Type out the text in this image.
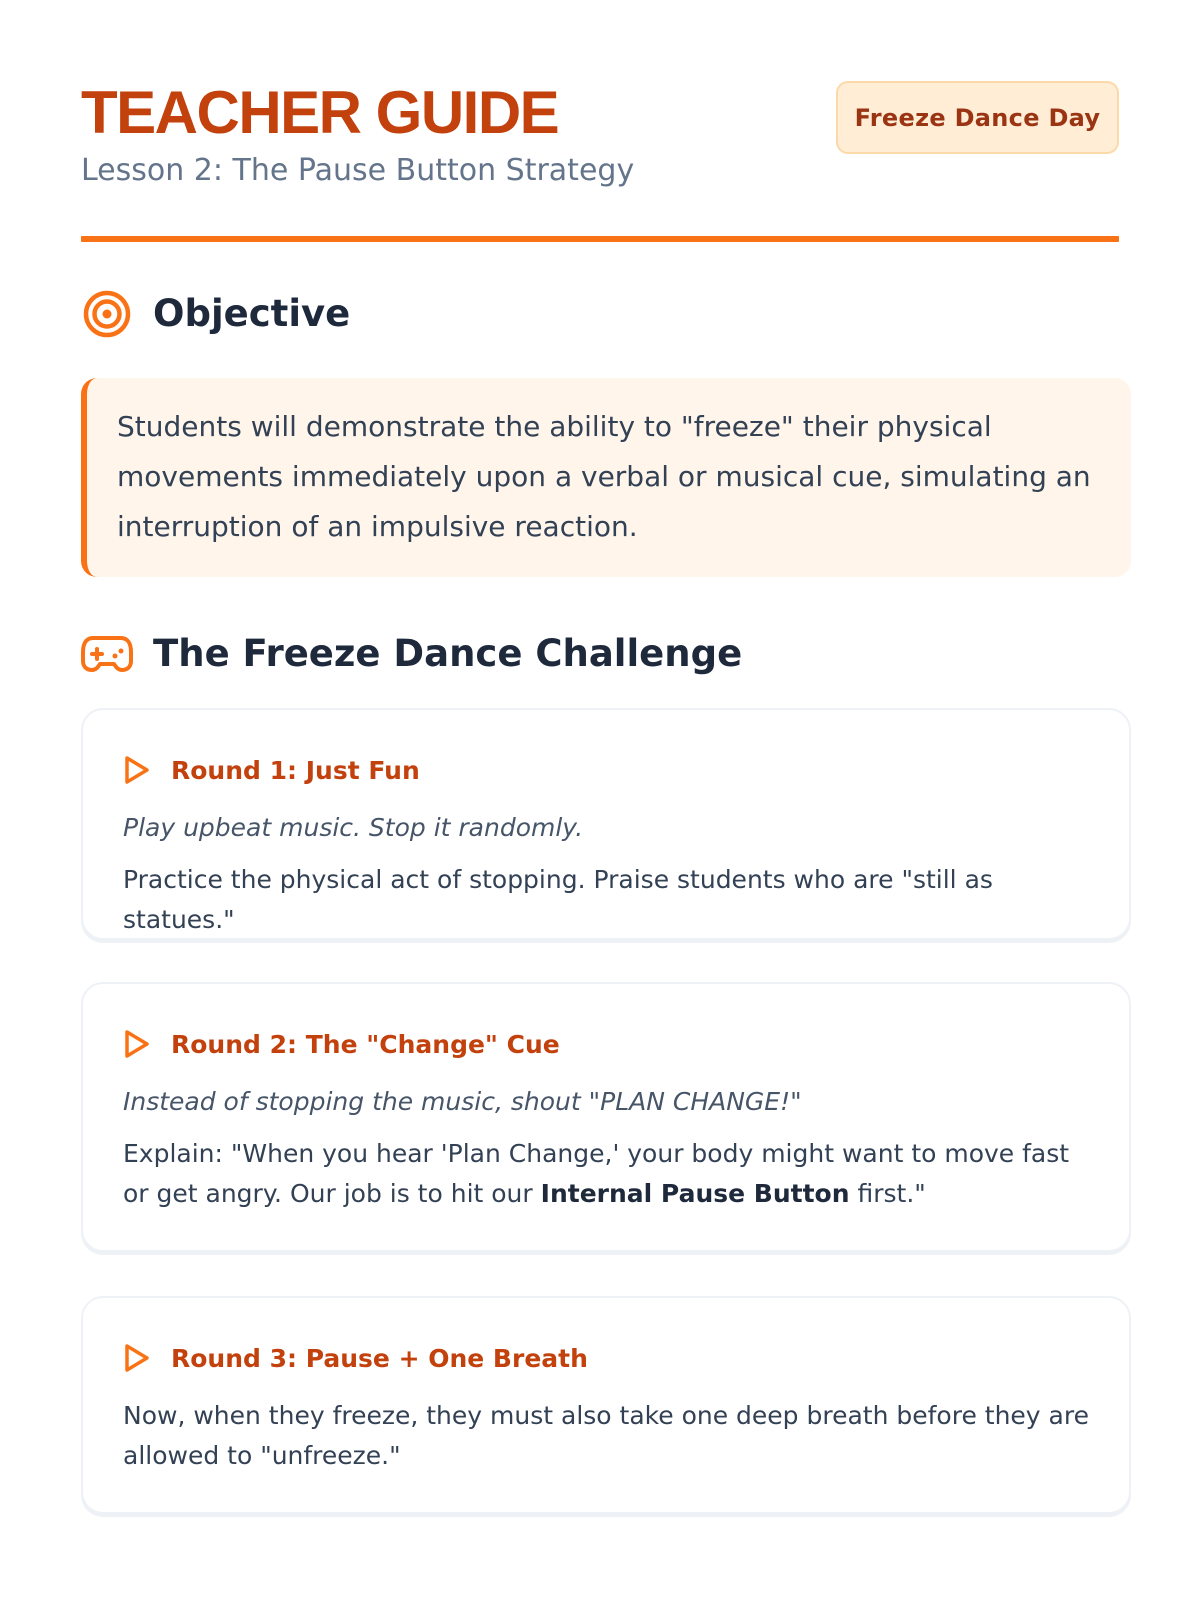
TEACHER GUIDE
Lesson 2: The Pause Button Strategy
Freeze Dance Day
Objective
Students will demonstrate the ability to "freeze" their physical movements immediately upon a verbal or musical cue, simulating an interruption of an impulsive reaction.
The Freeze Dance Challenge
Round 1: Just Fun
Play upbeat music. Stop it randomly.
Practice the physical act of stopping. Praise students who are "still as statues."
Round 2: The "Change" Cue
Instead of stopping the music, shout "PLAN CHANGE!"
Explain: "When you hear 'Plan Change,' your body might want to move fast or get angry. Our job is to hit our Internal Pause Button first."
Round 3: Pause + One Breath
Now, when they freeze, they must also take one deep breath before they are allowed to "unfreeze."
